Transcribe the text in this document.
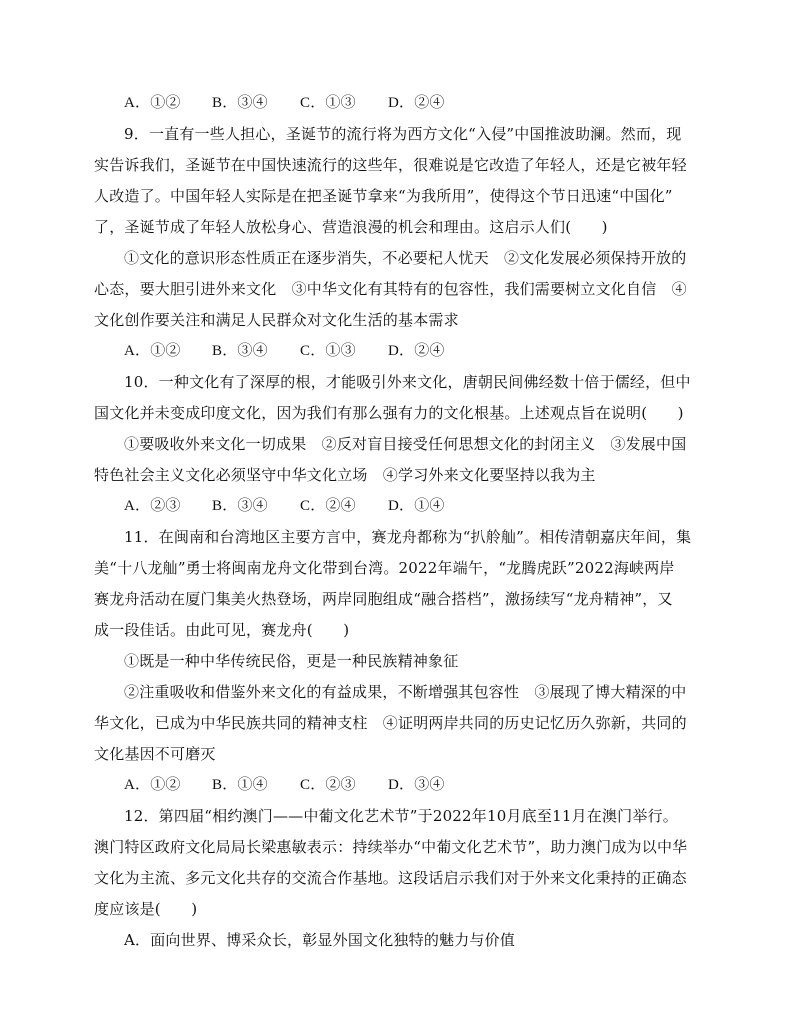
A．①② B．③④ C．①③ D．②④
9．一直有一些人担心，圣诞节的流行将为西方文化“入侵”中国推波助澜。然而，现
实告诉我们，圣诞节在中国快速流行的这些年，很难说是它改造了年轻人，还是它被年轻
人改造了。中国年轻人实际是在把圣诞节拿来“为我所用”，使得这个节日迅速“中国化”
了，圣诞节成了年轻人放松身心、营造浪漫的机会和理由。这启示人们(　　)
①文化的意识形态性质正在逐步消失，不必要杞人忧天　②文化发展必须保持开放的
心态，要大胆引进外来文化　③中华文化有其特有的包容性，我们需要树立文化自信　④
文化创作要关注和满足人民群众对文化生活的基本需求
A．①② B．③④ C．①③ D．②④
10．一种文化有了深厚的根，才能吸引外来文化，唐朝民间佛经数十倍于儒经，但中
国文化并未变成印度文化，因为我们有那么强有力的文化根基。上述观点旨在说明(　　)
①要吸收外来文化一切成果　②反对盲目接受任何思想文化的封闭主义　③发展中国
特色社会主义文化必须坚守中华文化立场　④学习外来文化要坚持以我为主
A．②③ B．③④ C．②④ D．①④
11．在闽南和台湾地区主要方言中，赛龙舟都称为“扒舲舢”。相传清朝嘉庆年间，集
美“十八龙舢”勇士将闽南龙舟文化带到台湾。2022年端午，“龙腾虎跃”2022海峡两岸
赛龙舟活动在厦门集美火热登场，两岸同胞组成“融合搭档”，激扬续写“龙舟精神”，又
成一段佳话。由此可见，赛龙舟(　　)
①既是一种中华传统民俗，更是一种民族精神象征
②注重吸收和借鉴外来文化的有益成果，不断增强其包容性　③展现了博大精深的中
华文化，已成为中华民族共同的精神支柱　④证明两岸共同的历史记忆历久弥新，共同的
文化基因不可磨灭
A．①② B．①④ C．②③ D．③④
12．第四届“相约澳门——中葡文化艺术节”于2022年10月底至11月在澳门举行。
澳门特区政府文化局局长梁惠敏表示：持续举办“中葡文化艺术节”，助力澳门成为以中华
文化为主流、多元文化共存的交流合作基地。这段话启示我们对于外来文化秉持的正确态
度应该是(　　)
A．面向世界、博采众长，彰显外国文化独特的魅力与价值
